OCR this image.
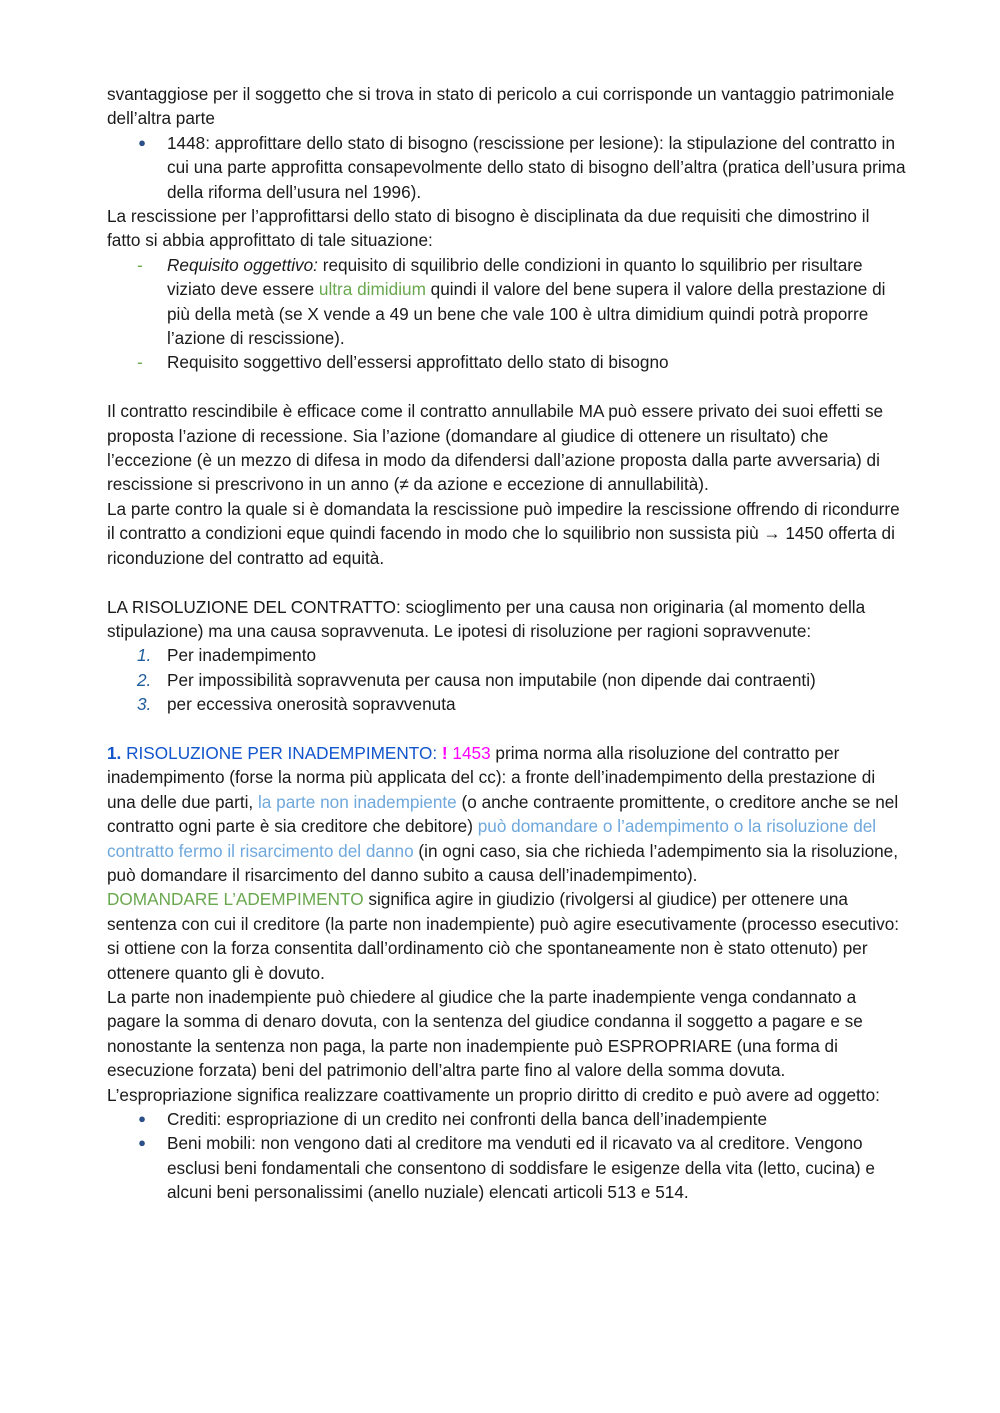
svantaggiose per il soggetto che si trova in stato di pericolo a cui corrisponde un vantaggio patrimoniale dell’altra parte

● 1448: approfittare dello stato di bisogno (rescissione per lesione): la stipulazione del contratto in cui una parte approfitta consapevolmente dello stato di bisogno dell’altra (pratica dell’usura prima della riforma dell’usura nel 1996).

La rescissione per l’approfittarsi dello stato di bisogno è disciplinata da due requisiti che dimostrino il fatto si abbia approfittato di tale situazione:

- Requisito oggettivo: requisito di squilibrio delle condizioni in quanto lo squilibrio per risultare viziato deve essere ultra dimidium quindi il valore del bene supera il valore della prestazione di più della metà (se X vende a 49 un bene che vale 100 è ultra dimidium quindi potrà proporre l’azione di rescissione).
- Requisito soggettivo dell’essersi approfittato dello stato di bisogno

Il contratto rescindibile è efficace come il contratto annullabile MA può essere privato dei suoi effetti se proposta l’azione di recessione. Sia l’azione (domandare al giudice di ottenere un risultato) che l’eccezione (è un mezzo di difesa in modo da difendersi dall’azione proposta dalla parte avversaria) di rescissione si prescrivono in un anno (≠ da azione e eccezione di annullabilità).

La parte contro la quale si è domandata la rescissione può impedire la rescissione offrendo di ricondurre il contratto a condizioni eque quindi facendo in modo che lo squilibrio non sussista più → 1450 offerta di riconduzione del contratto ad equità.

LA RISOLUZIONE DEL CONTRATTO: scioglimento per una causa non originaria (al momento della stipulazione) ma una causa sopravvenuta. Le ipotesi di risoluzione per ragioni sopravvenute:

1. Per inadempimento
2. Per impossibilità sopravvenuta per causa non imputabile (non dipende dai contraenti)
3. per eccessiva onerosità sopravvenuta

1. RISOLUZIONE PER INADEMPIMENTO: ! 1453 prima norma alla risoluzione del contratto per inadempimento (forse la norma più applicata del cc): a fronte dell’inadempimento della prestazione di una delle due parti, la parte non inadempiente (o anche contraente promittente, o creditore anche se nel contratto ogni parte è sia creditore che debitore) può domandare o l’adempimento o la risoluzione del contratto fermo il risarcimento del danno (in ogni caso, sia che richieda l’adempimento sia la risoluzione, può domandare il risarcimento del danno subito a causa dell’inadempimento).

DOMANDARE L’ADEMPIMENTO significa agire in giudizio (rivolgersi al giudice) per ottenere una sentenza con cui il creditore (la parte non inadempiente) può agire esecutivamente (processo esecutivo: si ottiene con la forza consentita dall’ordinamento ciò che spontaneamente non è stato ottenuto) per ottenere quanto gli è dovuto.

La parte non inadempiente può chiedere al giudice che la parte inadempiente venga condannato a pagare la somma di denaro dovuta, con la sentenza del giudice condanna il soggetto a pagare e se nonostante la sentenza non paga, la parte non inadempiente può ESPROPRIARE (una forma di esecuzione forzata) beni del patrimonio dell’altra parte fino al valore della somma dovuta. L’espropriazione significa realizzare coattivamente un proprio diritto di credito e può avere ad oggetto:

● Crediti: espropriazione di un credito nei confronti della banca dell’inadempiente
● Beni mobili: non vengono dati al creditore ma venduti ed il ricavato va al creditore. Vengono esclusi beni fondamentali che consentono di soddisfare le esigenze della vita (letto, cucina) e alcuni beni personalissimi (anello nuziale) elencati articoli 513 e 514.
